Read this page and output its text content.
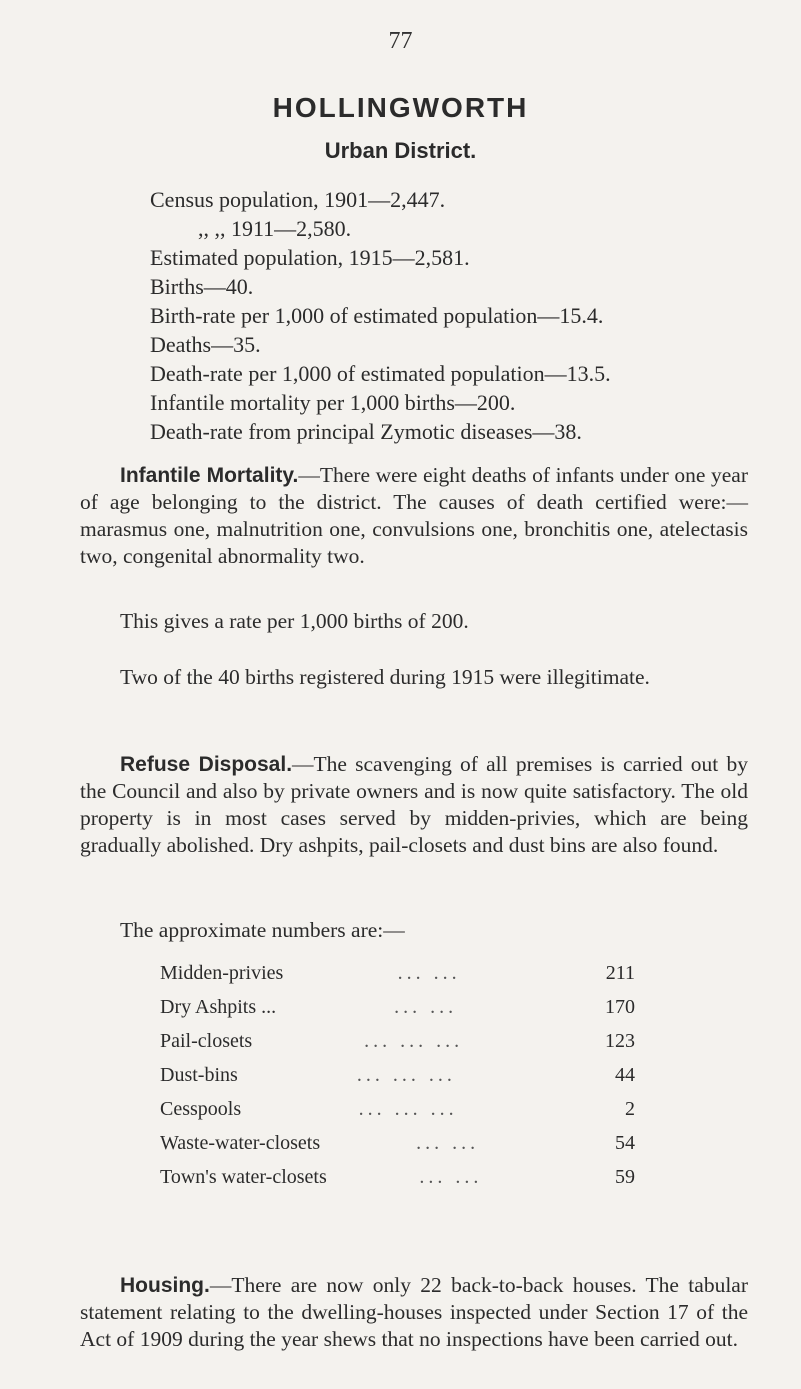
77
HOLLINGWORTH
Urban District.
Census population, 1901—2,447.
,, ,, 1911—2,580.
Estimated population, 1915—2,581.
Births—40.
Birth-rate per 1,000 of estimated population—15.4.
Deaths—35.
Death-rate per 1,000 of estimated population—13.5.
Infantile mortality per 1,000 births—200.
Death-rate from principal Zymotic diseases—38.
Infantile Mortality.—There were eight deaths of infants under one year of age belonging to the district. The causes of death certified were:—marasmus one, malnutrition one, convulsions one, bronchitis one, atelectasis two, congenital abnormality two.
This gives a rate per 1,000 births of 200.
Two of the 40 births registered during 1915 were illegitimate.
Refuse Disposal.—The scavenging of all premises is carried out by the Council and also by private owners and is now quite satisfactory. The old property is in most cases served by midden-privies, which are being gradually abolished. Dry ashpits, pail-closets and dust bins are also found.
The approximate numbers are:—
Midden-privies	... ...	211
Dry Ashpits ...	... ...	170
Pail-closets	... ... ...	123
Dust-bins	... ... ...	44
Cesspools	... ... ...	2
Waste-water-closets	... ...	54
Town's water-closets	... ...	59
Housing.—There are now only 22 back-to-back houses. The tabular statement relating to the dwelling-houses inspected under Section 17 of the Act of 1909 during the year shews that no inspections have been carried out.
